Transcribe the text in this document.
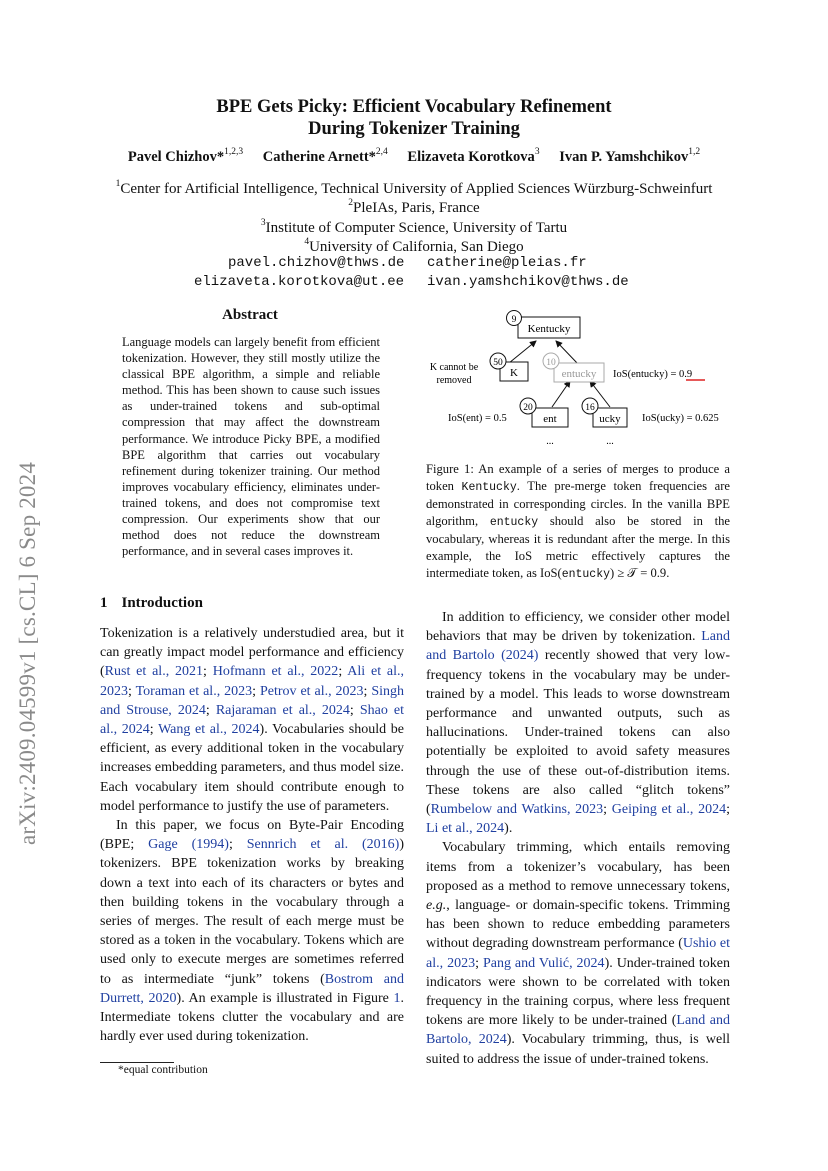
arXiv:2409.04599v1 [cs.CL] 6 Sep 2024
BPE Gets Picky: Efficient Vocabulary Refinement
During Tokenizer Training
Pavel Chizhov*$^{1,2,3}$ Catherine Arnett*$^{2,4}$ Elizaveta Korotkova$^3$ Ivan P. Yamshchikov$^{1,2}$
$^1$Center for Artificial Intelligence, Technical University of Applied Sciences Würzburg-Schweinfurt
$^2$PleIAs, Paris, France
$^3$Institute of Computer Science, University of Tartu
$^4$University of California, San Diego
pavel.chizhov@thws.de catherine@pleias.fr
elizaveta.korotkova@ut.ee ivan.yamshchikov@thws.de
Abstract
Language models can largely benefit from efficient tokenization. However, they still mostly utilize the classical BPE algorithm, a simple and reliable method. This has been shown to cause such issues as under-trained tokens and sub-optimal compression that may affect the downstream performance. We introduce Picky BPE, a modified BPE algorithm that carries out vocabulary refinement during tokenizer training. Our method improves vocabulary efficiency, eliminates under-trained tokens, and does not compromise text compression. Our experiments show that our method does not reduce the downstream performance, and in several cases improves it.
Kentucky
9
K
50
K cannot be
removed
entucky
10
IoS(entucky) = 0.9
ent
20
IoS(ent) = 0.5
...
ucky
16
IoS(ucky) = 0.625
...
Figure 1: An example of a series of merges to produce a token Kentucky. The pre-merge token frequencies are demonstrated in corresponding circles. In the vanilla BPE algorithm, entucky should also be stored in the vocabulary, whereas it is redundant after the merge. In this example, the IoS metric effectively captures the intermediate token, as IoS(entucky) ≥ 𝒯 = 0.9.
1 Introduction

Tokenization is a relatively understudied area, but it can greatly impact model performance and efficiency (Rust et al., 2021; Hofmann et al., 2022; Ali et al., 2023; Toraman et al., 2023; Petrov et al., 2023; Singh and Strouse, 2024; Rajaraman et al., 2024; Shao et al., 2024; Wang et al., 2024). Vocabularies should be efficient, as every additional token in the vocabulary increases embedding parameters, and thus model size. Each vocabulary item should contribute enough to model performance to justify the use of parameters.

In this paper, we focus on Byte-Pair Encoding (BPE; Gage (1994); Sennrich et al. (2016)) tokenizers. BPE tokenization works by breaking down a text into each of its characters or bytes and then building tokens in the vocabulary through a series of merges. The result of each merge must be stored as a token in the vocabulary. Tokens which are used only to execute merges are sometimes referred to as intermediate “junk” tokens (Bostrom and Durrett, 2020). An example is illustrated in Figure 1. Intermediate tokens clutter the vocabulary and are hardly ever used during tokenization.

*equal contribution

In addition to efficiency, we consider other model behaviors that may be driven by tokenization. Land and Bartolo (2024) recently showed that very low-frequency tokens in the vocabulary may be under-trained by a model. This leads to worse downstream performance and unwanted outputs, such as hallucinations. Under-trained tokens can also potentially be exploited to avoid safety measures through the use of these out-of-distribution items. These tokens are also called “glitch tokens” (Rumbelow and Watkins, 2023; Geiping et al., 2024; Li et al., 2024).

Vocabulary trimming, which entails removing items from a tokenizer’s vocabulary, has been proposed as a method to remove unnecessary tokens, e.g., language- or domain-specific tokens. Trimming has been shown to reduce embedding parameters without degrading downstream performance (Ushio et al., 2023; Pang and Vulić, 2024). Under-trained token indicators were shown to be correlated with token frequency in the training corpus, where less frequent tokens are more likely to be under-trained (Land and Bartolo, 2024). Vocabulary trimming, thus, is well suited to address the issue of under-trained tokens.
